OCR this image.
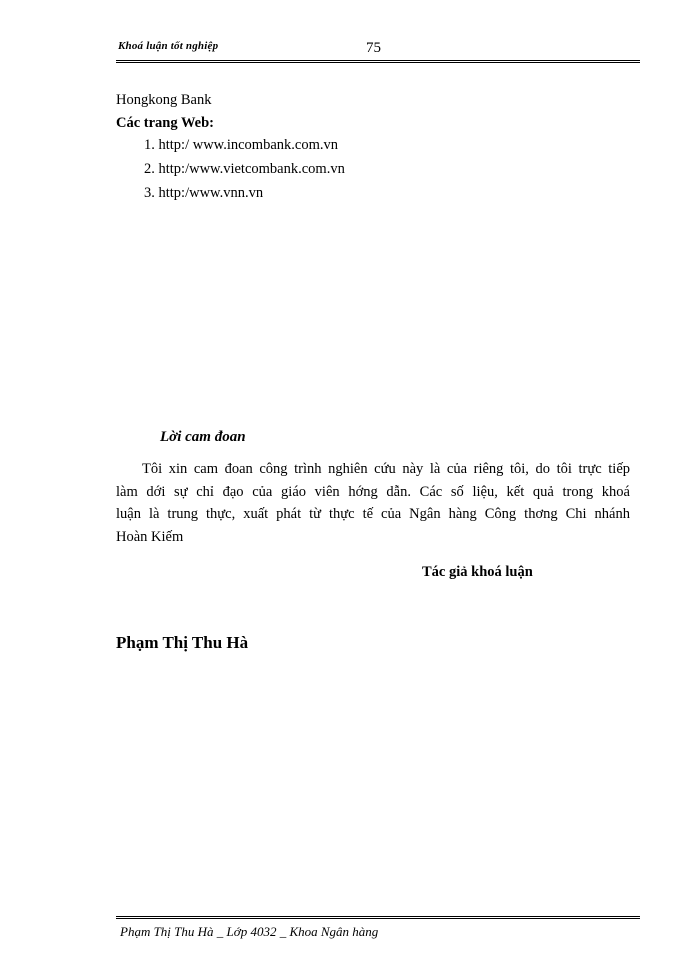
Khoá luận tốt nghiệp	75
Hongkong Bank
Các trang Web:
1. http:/ www.incombank.com.vn
2. http:/www.vietcombank.com.vn
3. http:/www.vnn.vn
Lời cam đoan
Tôi xin cam đoan công trình nghiên cứu này là của riêng tôi, do tôi trực tiếp
làm dới sự chỉ đạo của giáo viên hớng dẫn. Các số liệu, kết quả trong khoá
luận là trung thực, xuất phát từ thực tế của Ngân hàng Công thơng Chi nhánh
Hoàn Kiếm
Tác giả khoá luận
Phạm Thị Thu Hà
Phạm Thị Thu Hà _ Lớp 4032 _ Khoa Ngân hàng
